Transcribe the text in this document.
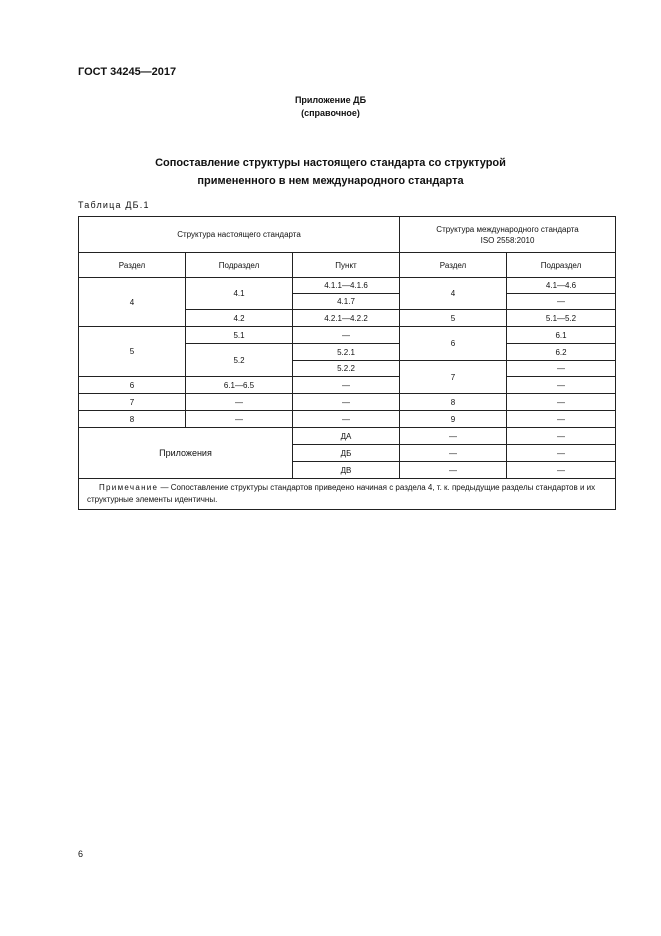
ГОСТ 34245—2017
Приложение ДБ
(справочное)
Сопоставление структуры настоящего стандарта со структурой
примененного в нем международного стандарта
Таблица ДБ.1
Структура настоящего стандарта			Структура международного стандарта
ISO 2558:2010	

Раздел	Подраздел	Пункт	Раздел	Подраздел
4	4.1	4.1.1—4.1.6	4	4.1—4.6
		4.1.7		—
	4.2	4.2.1—4.2.2	5	5.1—5.2
5	5.1	—	6	6.1
	5.2	5.2.1		6.2
		5.2.2	7	—
6	6.1—6.5	—		—
7	—	—	8	—
8	—	—	9	—
Приложения		ДА	—	—
		ДБ	—	—
		ДВ	—	—
Примечание — Сопоставление структуры стандартов приведено начиная с раздела 4, т. к. предыдущие разделы стандартов и их структурные элементы идентичны.				
6
